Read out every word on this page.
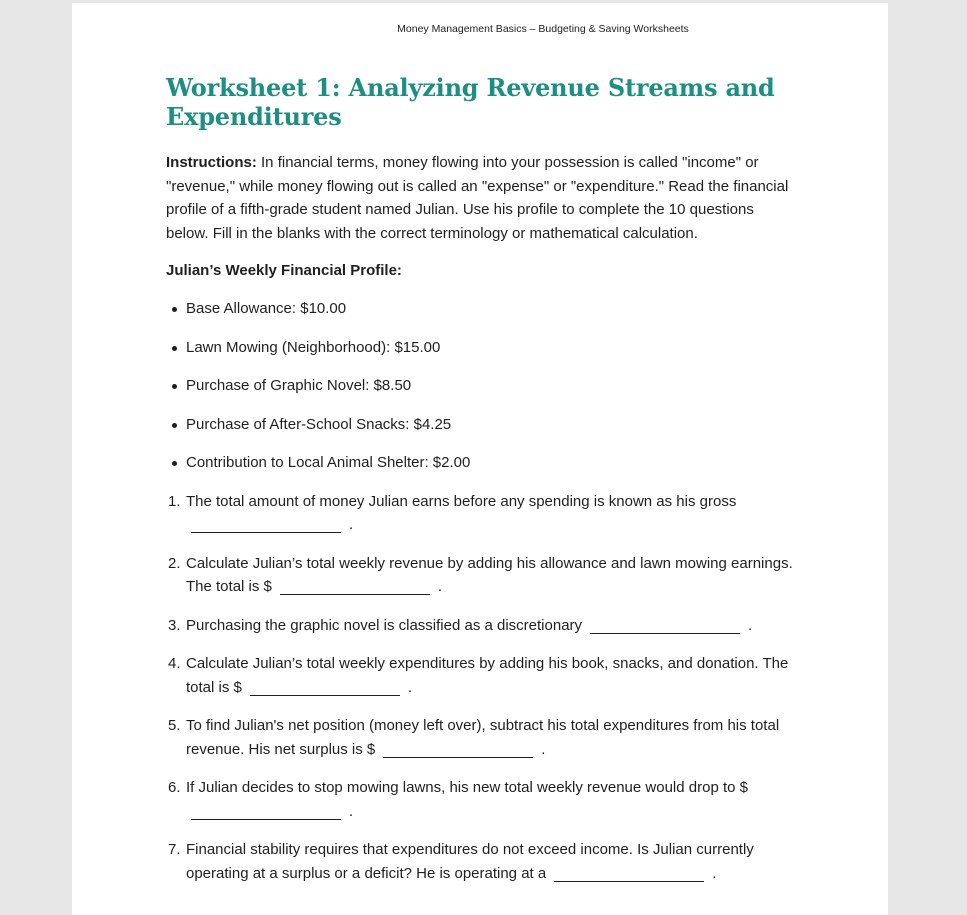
Money Management Basics – Budgeting & Saving Worksheets
Worksheet 1: Analyzing Revenue Streams and Expenditures

Instructions: In financial terms, money flowing into your possession is called "income" or "revenue," while money flowing out is called an "expense" or "expenditure." Read the financial profile of a fifth-grade student named Julian. Use his profile to complete the 10 questions below. Fill in the blanks with the correct terminology or mathematical calculation.

Julian’s Weekly Financial Profile:
Base Allowance: $10.00
Lawn Mowing (Neighborhood): $15.00
Purchase of Graphic Novel: $8.50
Purchase of After-School Snacks: $4.25
Contribution to Local Animal Shelter: $2.00
1. The total amount of money Julian earns before any spending is known as his gross
.
2. Calculate Julian’s total weekly revenue by adding his allowance and lawn mowing earnings. The total is $	.
3. Purchasing the graphic novel is classified as a discretionary	.
4. Calculate Julian’s total weekly expenditures by adding his book, snacks, and donation. The total is $	.
5. To find Julian's net position (money left over), subtract his total expenditures from his total revenue. His net surplus is $	.
6. If Julian decides to stop mowing lawns, his new total weekly revenue would drop to $
.
7. Financial stability requires that expenditures do not exceed income. Is Julian currently operating at a surplus or a deficit? He is operating at a	.
